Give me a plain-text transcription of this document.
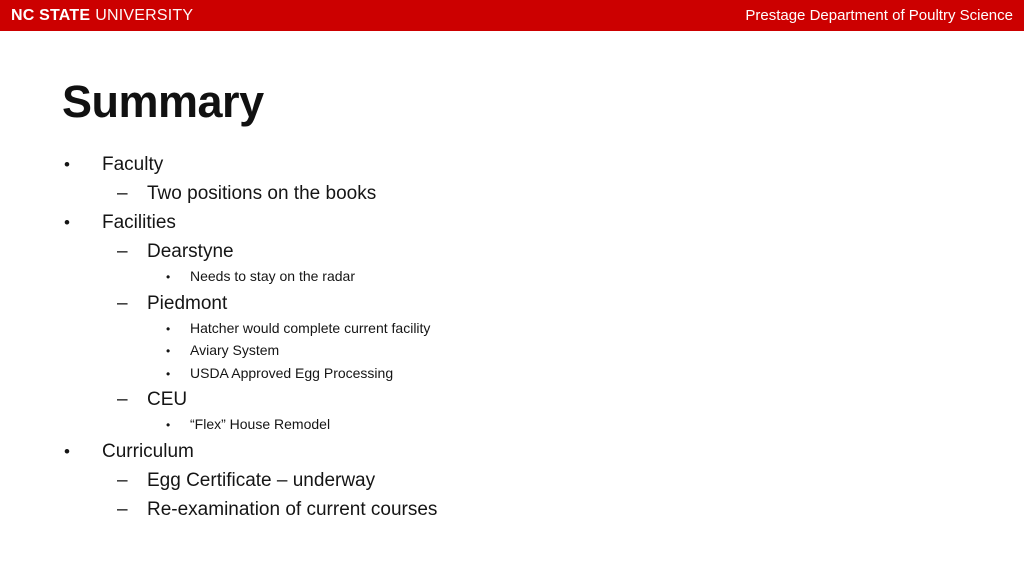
NC STATE UNIVERSITY	Prestage Department of Poultry Science
Summary
•	Faculty
–	Two positions on the books
•	Facilities
–	Dearstyne
•	Needs to stay on the radar
–	Piedmont
•	Hatcher would complete current facility
•	Aviary System
•	USDA Approved Egg Processing
–	CEU
•	“Flex” House Remodel
•	Curriculum
–	Egg Certificate – underway
–	Re-examination of current courses
